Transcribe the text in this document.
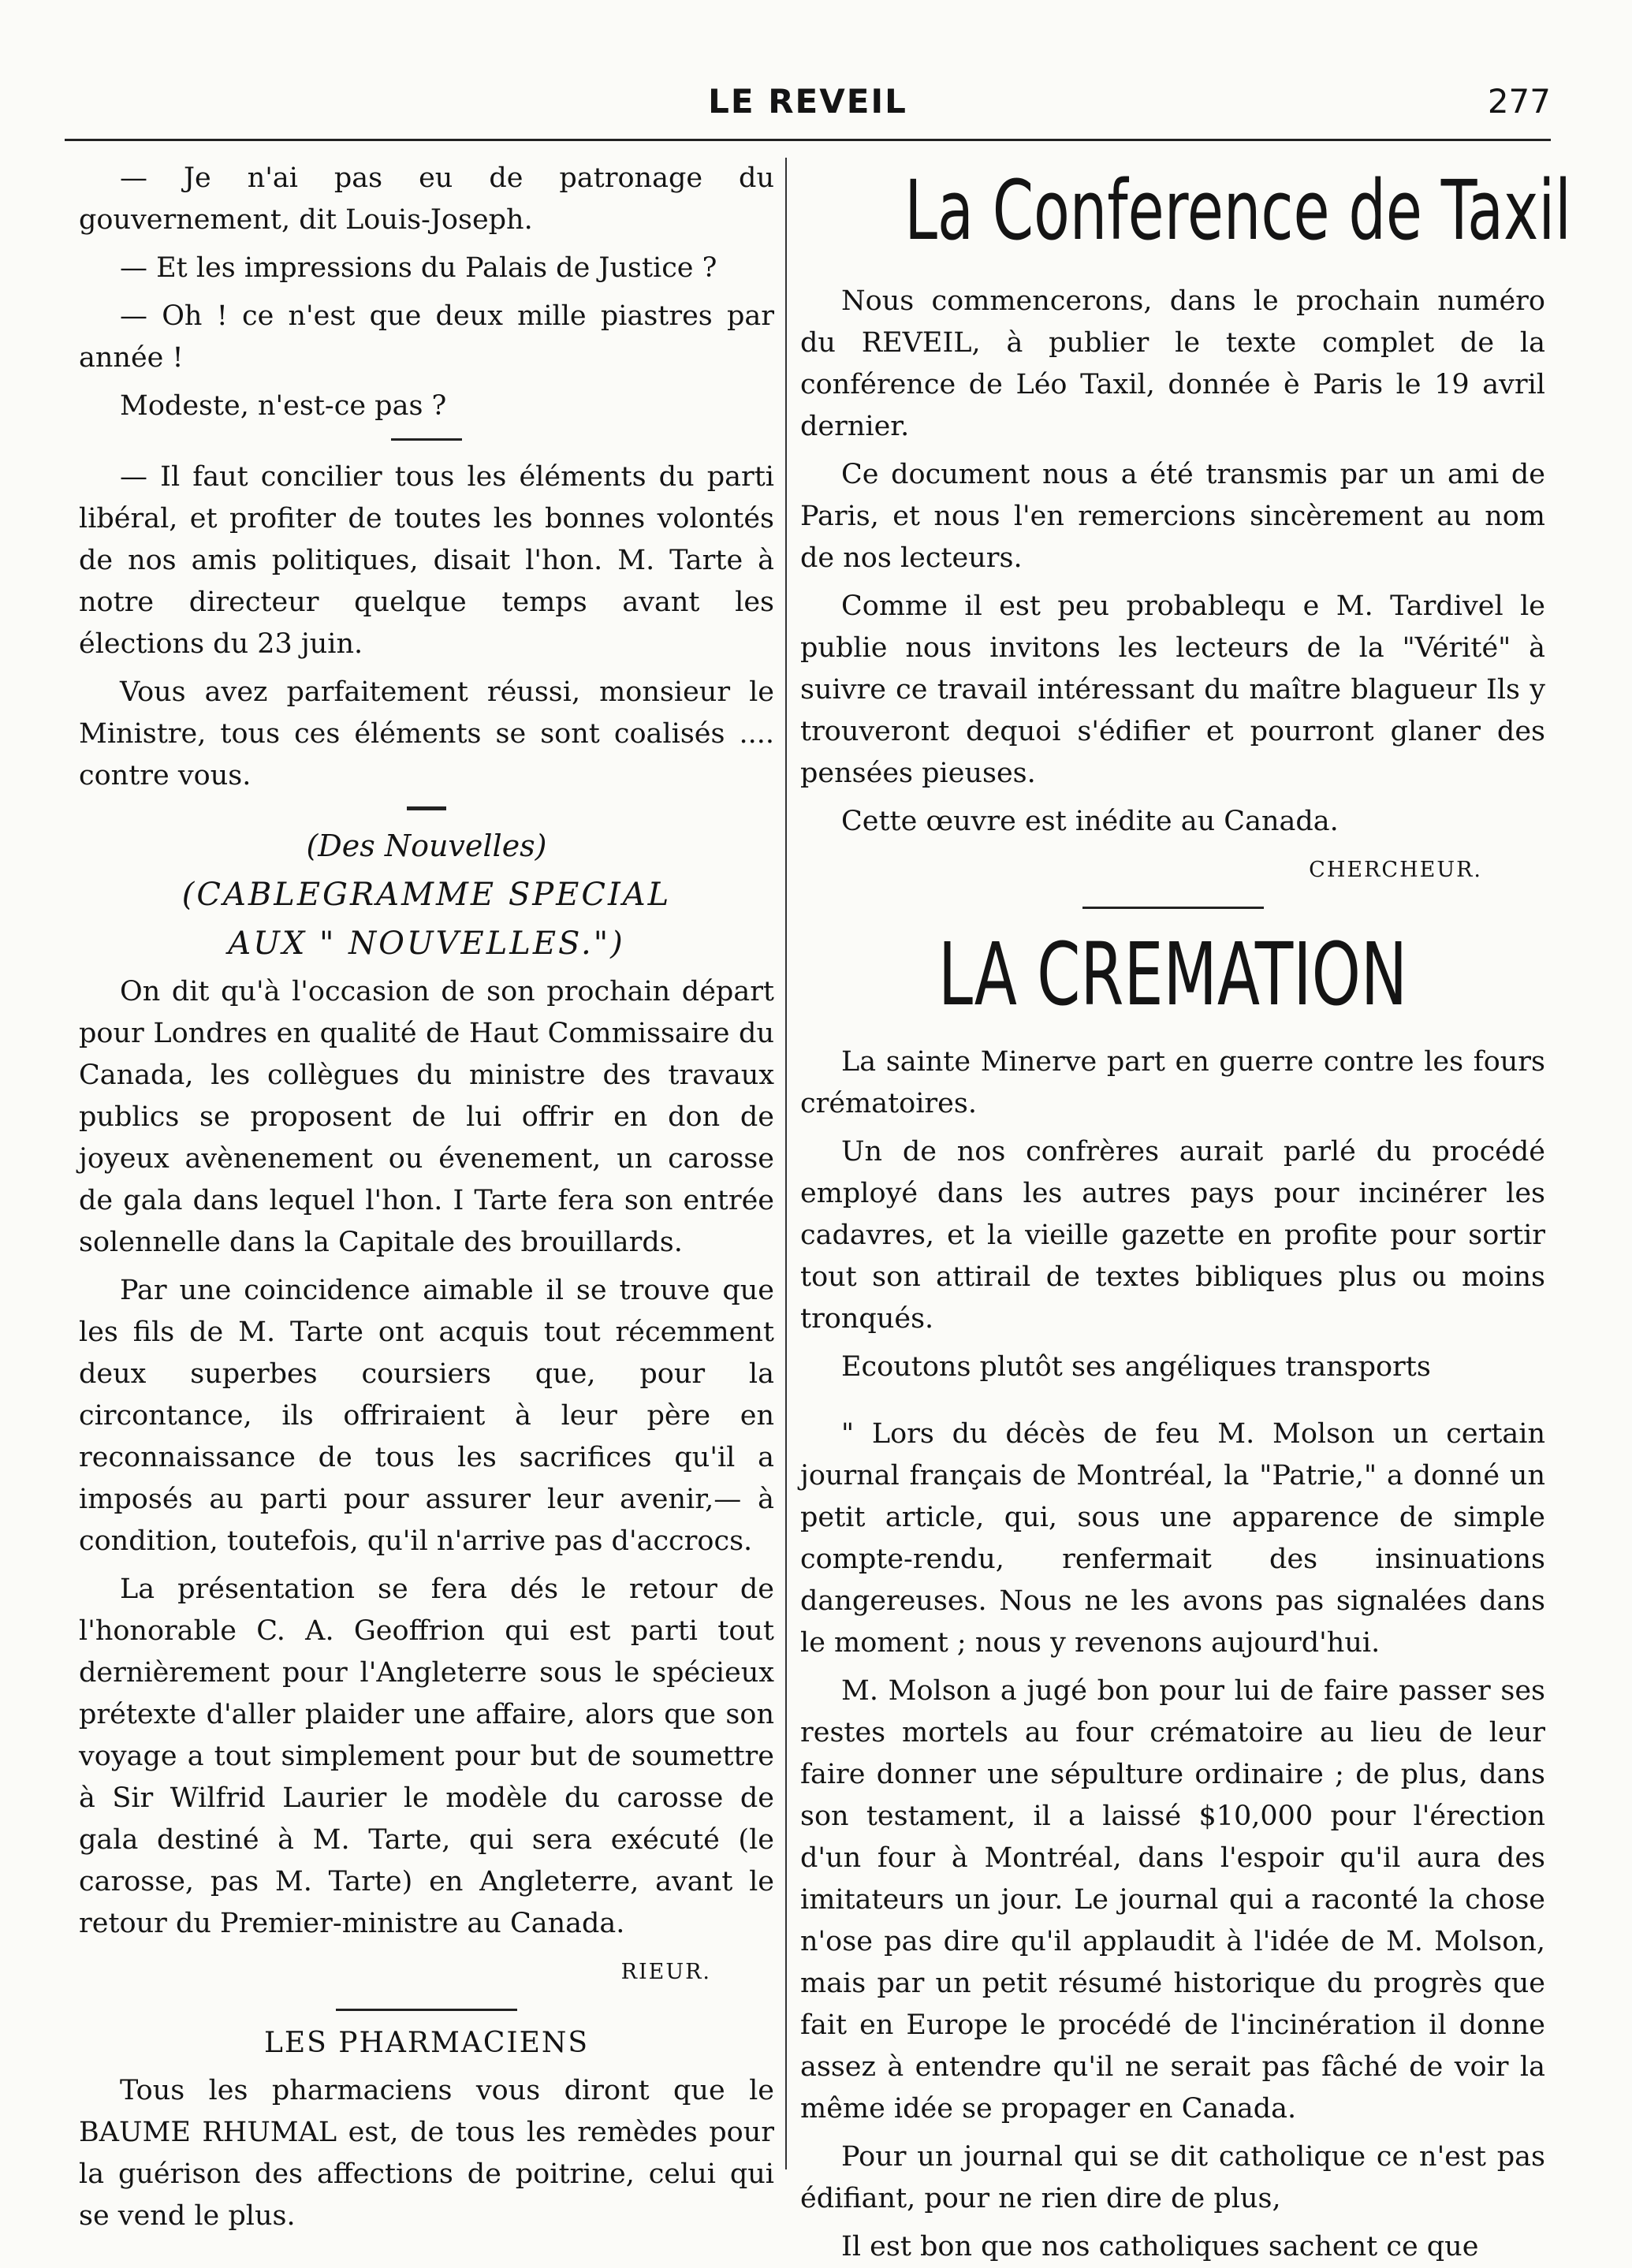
LE REVEIL	277

— Je n'ai pas eu de patronage du gouvernement, dit Louis-Joseph.

— Et les impressions du Palais de Justice ?

— Oh ! ce n'est que deux mille piastres par année !

Modeste, n'est-ce pas ?

— Il faut concilier tous les éléments du parti libéral, et profiter de toutes les bonnes volontés de nos amis politiques, disait l'hon. M. Tarte à notre directeur quelque temps avant les élections du 23 juin.

Vous avez parfaitement réussi, monsieur le Ministre, tous ces éléments se sont coalisés .... contre vous.

(Des Nouvelles)

(CABLEGRAMME SPECIAL

AUX " NOUVELLES.")

On dit qu'à l'occasion de son prochain départ pour Londres en qualité de Haut Commissaire du Canada, les collègues du ministre des travaux publics se proposent de lui offrir en don de joyeux avènenement ou évenement, un carosse de gala dans lequel l'hon. I Tarte fera son entrée solennelle dans la Capitale des brouillards.

Par une coincidence aimable il se trouve que les fils de M. Tarte ont acquis tout récemment deux superbes coursiers que, pour la circontance, ils offriraient à leur père en reconnaissance de tous les sacrifices qu'il a imposés au parti pour assurer leur avenir,— à condition, toutefois, qu'il n'arrive pas d'accrocs.

La présentation se fera dés le retour de l'honorable C. A. Geoffrion qui est parti tout dernièrement pour l'Angleterre sous le spécieux prétexte d'aller plaider une affaire, alors que son voyage a tout simplement pour but de soumettre à Sir Wilfrid Laurier le modèle du carosse de gala destiné à M. Tarte, qui sera exécuté (le carosse, pas M. Tarte) en Angleterre, avant le retour du Premier-ministre au Canada.

RIEUR.

LES PHARMACIENS

Tous les pharmaciens vous diront que le BAUME RHUMAL est, de tous les remèdes pour la guérison des affections de poitrine, celui qui se vend le plus.

La Conference de Taxil

Nous commencerons, dans le prochain numéro du REVEIL, à publier le texte complet de la conférence de Léo Taxil, donnée è Paris le 19 avril dernier.

Ce document nous a été transmis par un ami de Paris, et nous l'en remercions sincèrement au nom de nos lecteurs.

Comme il est peu probablequ e M. Tardivel le publie nous invitons les lecteurs de la "Vérité" à suivre ce travail intéressant du maître blagueur Ils y trouveront dequoi s'édifier et pourront glaner des pensées pieuses.

Cette œuvre est inédite au Canada.

CHERCHEUR.

LA CREMATION

La sainte Minerve part en guerre contre les fours crématoires.

Un de nos confrères aurait parlé du procédé employé dans les autres pays pour incinérer les cadavres, et la vieille gazette en profite pour sortir tout son attirail de textes bibliques plus ou moins tronqués.

Ecoutons plutôt ses angéliques transports

" Lors du décès de feu M. Molson un certain journal français de Montréal, la "Patrie," a donné un petit article, qui, sous une apparence de simple compte-rendu, renfermait des insinuations dangereuses. Nous ne les avons pas signalées dans le moment ; nous y revenons aujourd'hui.

M. Molson a jugé bon pour lui de faire passer ses restes mortels au four crématoire au lieu de leur faire donner une sépulture ordinaire ; de plus, dans son testament, il a laissé $10,000 pour l'érection d'un four à Montréal, dans l'espoir qu'il aura des imitateurs un jour. Le journal qui a raconté la chose n'ose pas dire qu'il applaudit à l'idée de M. Molson, mais par un petit résumé historique du progrès que fait en Europe le procédé de l'incinération il donne assez à entendre qu'il ne serait pas fâché de voir la même idée se propager en Canada.

Pour un journal qui se dit catholique ce n'est pas édifiant, pour ne rien dire de plus,

Il est bon que nos catholiques sachent ce que
